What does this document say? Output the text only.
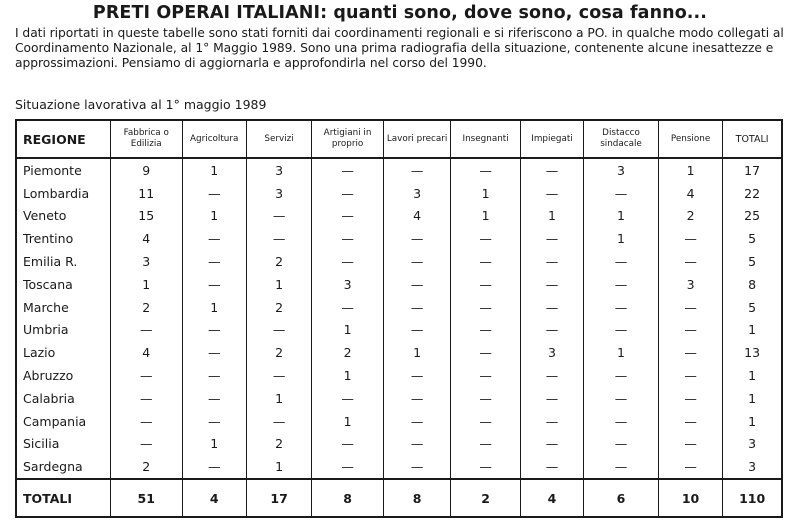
PRETI OPERAI ITALIANI: quanti sono, dove sono, cosa fanno...
I dati riportati in queste tabelle sono stati forniti dai coordinamenti regionali e si riferiscono a PO. in qualche modo collegati al Coordinamento Nazionale, al 1° Maggio 1989. Sono una prima radiografia della situazione, contenente alcune inesattezze e approssimazioni. Pensiamo di aggiornarla e approfondirla nel corso del 1990.
Situazione lavorativa al 1° maggio 1989
REGIONE	Fabbrica o Edilizia	Agricoltura	Servizi	Artigiani in proprio	Lavori precari	Insegnanti	Impiegati	Distacco sindacale	Pensione	TOTALI
Piemonte	9	1	3	—	—	—	—	3	1	17
Lombardia	11	—	3	—	3	1	—	—	4	22
Veneto	15	1	—	—	4	1	1	1	2	25
Trentino	4	—	—	—	—	—	—	1	—	5
Emilia R.	3	—	2	—	—	—	—	—	—	5
Toscana	1	—	1	3	—	—	—	—	3	8
Marche	2	1	2	—	—	—	—	—	—	5
Umbria	—	—	—	1	—	—	—	—	—	1
Lazio	4	—	2	2	1	—	3	1	—	13
Abruzzo	—	—	—	1	—	—	—	—	—	1
Calabria	—	—	1	—	—	—	—	—	—	1
Campania	—	—	—	1	—	—	—	—	—	1
Sicilia	—	1	2	—	—	—	—	—	—	3
Sardegna	2	—	1	—	—	—	—	—	—	3
TOTALI	51	4	17	8	8	2	4	6	10	110
